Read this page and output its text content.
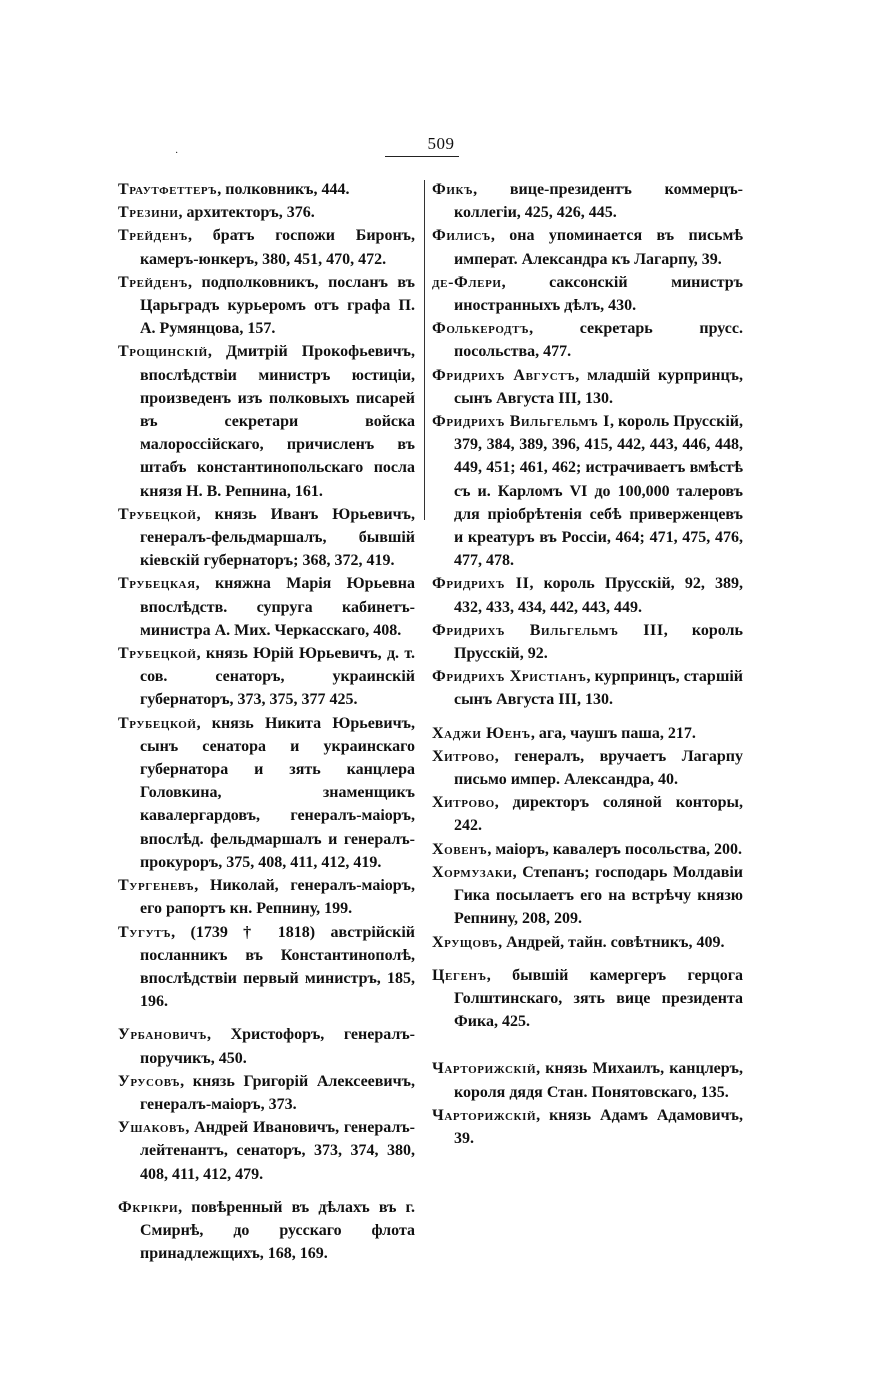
509
·

Траутфеттеръ, полковникъ, 444.

Трезини, архитекторъ, 376.

Трейденъ, братъ госпожи Биронъ, камеръ-юнкеръ, 380, 451, 470, 472.

Трейденъ, подполковникъ, посланъ въ Царьградъ курьеромъ отъ графа П. А. Румянцова, 157.

Трощинскій, Дмитрій Прокофьевичъ, впослѣдствіи министръ юстиціи, произведенъ изъ полковыхъ писарей въ секретари войска малороссійскаго, причисленъ въ штабъ константинопольскаго посла князя Н. В. Репнина, 161.

Трубецкой, князь Иванъ Юрьевичъ, генералъ-фельдмаршалъ, бывшій кіевскій губернаторъ; 368, 372, 419.

Трубецкая, княжна Марія Юрьевна впослѣдств. супруга кабинетъ-министра А. Мих. Черкасскаго, 408.

Трубецкой, князь Юрій Юрьевичъ, д. т. сов. сенаторъ, украинскій губернаторъ, 373, 375, 377 425.

Трубецкой, князь Никита Юрьевичъ, сынъ сенатора и украинскаго губернатора и зять канцлера Головкина, знаменщикъ кавалергардовъ, генералъ-маіоръ, впослѣд. фельдмаршалъ и генералъ-прокуроръ, 375, 408, 411, 412, 419.

Тургеневъ, Николай, генералъ-маіоръ, его рапортъ кн. Репнину, 199.

Тугутъ, (1739 † 1818) австрійскій посланникъ въ Константинополѣ, впослѣдствіи первый министръ, 185, 196.

Урбановичъ, Христофоръ, генералъ-поручикъ, 450.

Урусовъ, князь Григорій Алексеевичъ, генералъ-маіоръ, 373.

Ушаковъ, Андрей Ивановичъ, генералъ-лейтенантъ, сенаторъ, 373, 374, 380, 408, 411, 412, 479.

Фкрікри, повѣренный въ дѣлахъ въ г. Смирнѣ, до русскаго флота принадлежщихъ, 168, 169.

Фикъ, вице-президентъ коммерцъ-коллегіи, 425, 426, 445.

Филисъ, она упоминается въ письмѣ императ. Александра къ Лагарпу, 39.

де-Флери, саксонскій министръ иностранныхъ дѣлъ, 430.

Фолькеродтъ, секретарь прусс. посольства, 477.

Фридрихъ Августъ, младшій курпринцъ, сынъ Августа III, 130.

Фридрихъ Вильгельмъ I, король Прусскій, 379, 384, 389, 396, 415, 442, 443, 446, 448, 449, 451; 461, 462; истрачиваетъ вмѣстѣ съ и. Карломъ VI до 100,000 талеровъ для пріобрѣтенія себѣ приверженцевъ и креатуръ въ Россіи, 464; 471, 475, 476, 477, 478.

Фридрихъ II, король Прусскій, 92, 389, 432, 433, 434, 442, 443, 449.

Фридрихъ Вильгельмъ III, король Прусскій, 92.

Фридрихъ Христіанъ, курпринцъ, старшій сынъ Августа III, 130.

Хаджи Юенъ, ага, чаушъ паша, 217.

Хитрово, генералъ, вручаетъ Лагарпу письмо импер. Александра, 40.

Хитрово, директоръ соляной конторы, 242.

Ховенъ, маіоръ, кавалеръ посольства, 200.

Хормузаки, Степанъ; господарь Молдавіи Гика посылаетъ его на встрѣчу князю Репнину, 208, 209.

Хрущовъ, Андрей, тайн. совѣтникъ, 409.

Цегенъ, бывшій камергеръ герцога Голштинскаго, зять вице президента Фика, 425.

Чарторижскій, князь Михаилъ, канцлеръ, короля дядя Стан. Понятовскаго, 135.

Чарторижскій, князь Адамъ Адамовичъ, 39.
